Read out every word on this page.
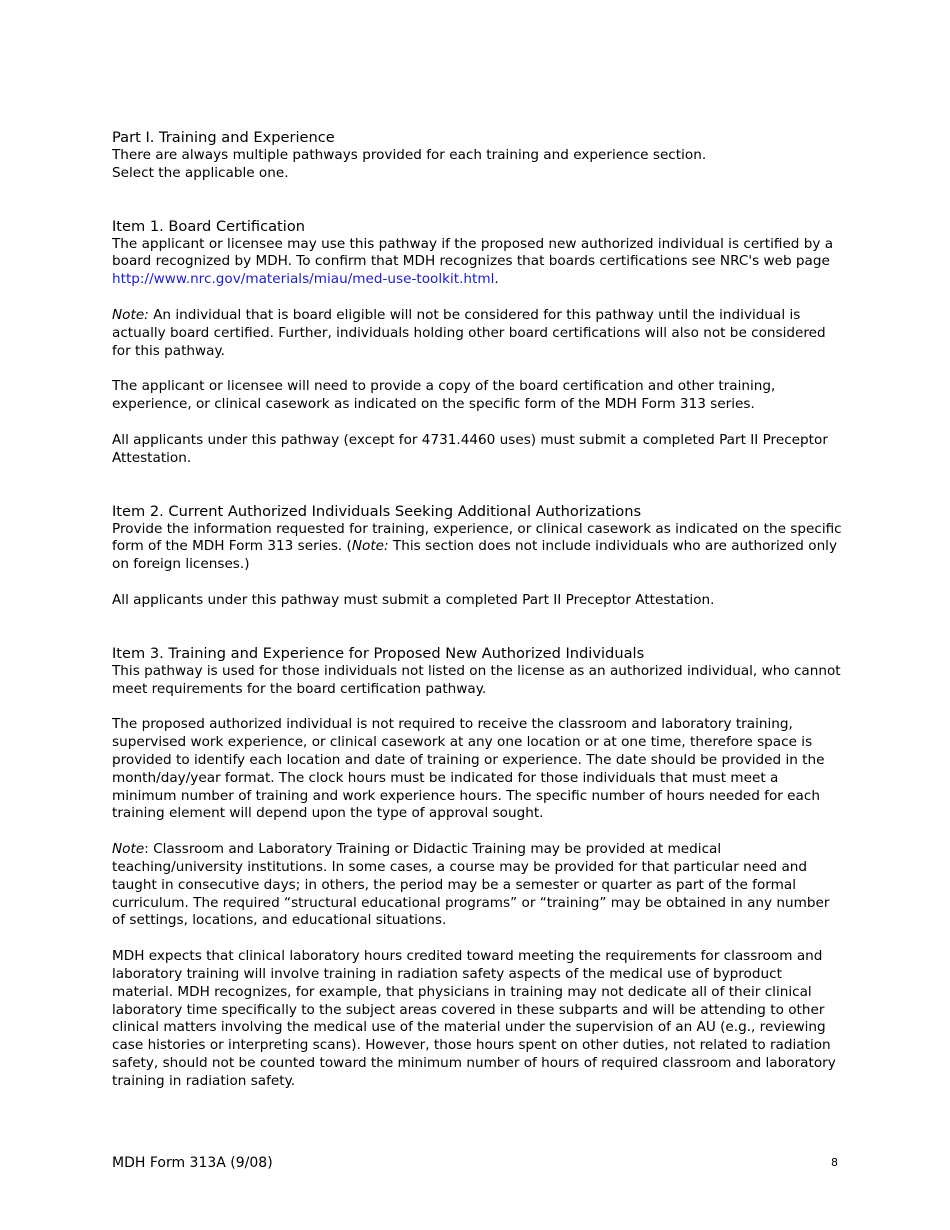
Part I. Training and Experience

There are always multiple pathways provided for each training and experience section.
Select the applicable one.

Item 1. Board Certification

The applicant or licensee may use this pathway if the proposed new authorized individual is certified by a board recognized by MDH. To confirm that MDH recognizes that boards certifications see NRC's web page http://www.nrc.gov/materials/miau/med-use-toolkit.html.

Note: An individual that is board eligible will not be considered for this pathway until the individual is actually board certified. Further, individuals holding other board certifications will also not be considered for this pathway.

The applicant or licensee will need to provide a copy of the board certification and other training, experience, or clinical casework as indicated on the specific form of the MDH Form 313 series.

All applicants under this pathway (except for 4731.4460 uses) must submit a completed Part II Preceptor Attestation.

Item 2. Current Authorized Individuals Seeking Additional Authorizations

Provide the information requested for training, experience, or clinical casework as indicated on the specific form of the MDH Form 313 series. (Note: This section does not include individuals who are authorized only on foreign licenses.)

All applicants under this pathway must submit a completed Part II Preceptor Attestation.

Item 3. Training and Experience for Proposed New Authorized Individuals

This pathway is used for those individuals not listed on the license as an authorized individual, who cannot meet requirements for the board certification pathway.

The proposed authorized individual is not required to receive the classroom and laboratory training, supervised work experience, or clinical casework at any one location or at one time, therefore space is provided to identify each location and date of training or experience. The date should be provided in the month/day/year format. The clock hours must be indicated for those individuals that must meet a minimum number of training and work experience hours. The specific number of hours needed for each training element will depend upon the type of approval sought.

Note: Classroom and Laboratory Training or Didactic Training may be provided at medical teaching/university institutions. In some cases, a course may be provided for that particular need and taught in consecutive days; in others, the period may be a semester or quarter as part of the formal curriculum. The required “structural educational programs” or “training” may be obtained in any number of settings, locations, and educational situations.

MDH expects that clinical laboratory hours credited toward meeting the requirements for classroom and laboratory training will involve training in radiation safety aspects of the medical use of byproduct material. MDH recognizes, for example, that physicians in training may not dedicate all of their clinical laboratory time specifically to the subject areas covered in these subparts and will be attending to other clinical matters involving the medical use of the material under the supervision of an AU (e.g., reviewing case histories or interpreting scans). However, those hours spent on other duties, not related to radiation safety, should not be counted toward the minimum number of hours of required classroom and laboratory training in radiation safety.

MDH Form 313A (9/08)	8
